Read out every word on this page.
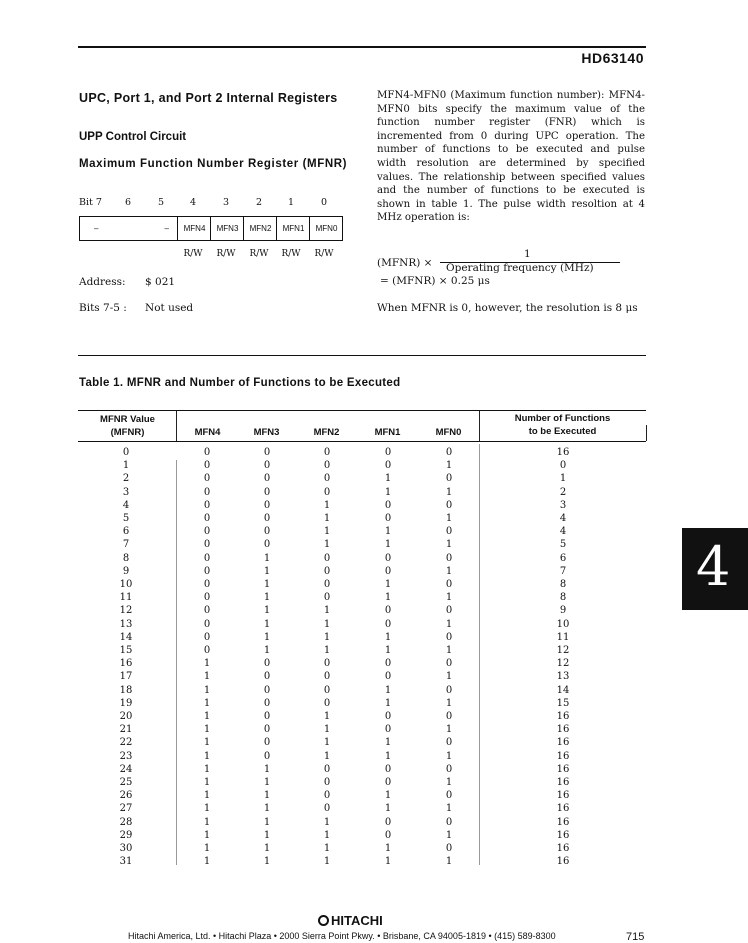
HD63140
UPC, Port 1, and Port 2 Internal Registers
UPP Control Circuit
Maximum Function Number Register (MFNR)
Bit 7	6	5	4	3	2	1	0
–	–	MFN4	MFN3	MFN2	MFN1	MFN0
R/W	R/W	R/W	R/W	R/W
Address: $ 021
Bits 7-5 : Not used
MFN4-MFN0 (Maximum function number): MFN4-MFN0 bits specify the maximum value of the function number register (FNR) which is incremented from 0 during UPC operation. The number of functions to be executed and pulse width resolution are determined by specified values. The relationship between specified values and the number of functions to be executed is shown in table 1. The pulse width resoltion at 4 MHz operation is:
(MFNR) ×
1
Operating frequency (MHz)
= (MFNR) × 0.25 μs
When MFNR is 0, however, the resolution is 8 μs
Table 1. MFNR and Number of Functions to be Executed
MFNR Value
(MFNR)	MFN4	MFN3	MFN2	MFN1	MFN0
Number of Functions
to be Executed
0	0	0	0	0	0	16
1	0	0	0	0	1	0
2	0	0	0	1	0	1
3	0	0	0	1	1	2
4	0	0	1	0	0	3
5	0	0	1	0	1	4
6	0	0	1	1	0	4
7	0	0	1	1	1	5
8	0	1	0	0	0	6
9	0	1	0	0	1	7
10	0	1	0	1	0	8
11	0	1	0	1	1	8
12	0	1	1	0	0	9
13	0	1	1	0	1	10
14	0	1	1	1	0	11
15	0	1	1	1	1	12
16	1	0	0	0	0	12
17	1	0	0	0	1	13
18	1	0	0	1	0	14
19	1	0	0	1	1	15
20	1	0	1	0	0	16
21	1	0	1	0	1	16
22	1	0	1	1	0	16
23	1	0	1	1	1	16
24	1	1	0	0	0	16
25	1	1	0	0	1	16
26	1	1	0	1	0	16
27	1	1	0	1	1	16
28	1	1	1	0	0	16
29	1	1	1	0	1	16
30	1	1	1	1	0	16
31	1	1	1	1	1	16
4
HITACHI
Hitachi America, Ltd. • Hitachi Plaza • 2000 Sierra Point Pkwy. • Brisbane, CA 94005-1819 • (415) 589-8300	715
